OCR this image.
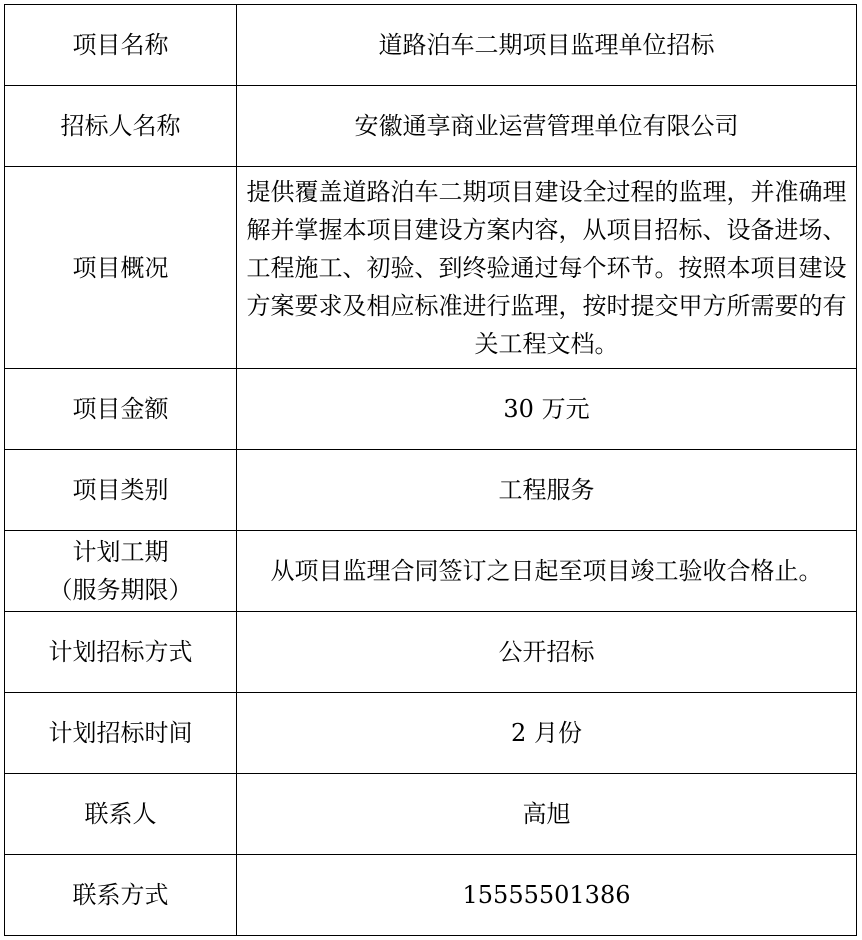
项目名称	道路泊车二期项目监理单位招标
招标人名称	安徽通享商业运营管理单位有限公司
项目概况	提供覆盖道路泊车二期项目建设全过程的监理，并准确理解并掌握本项目建设方案内容，从项目招标、设备进场、工程施工、初验、到终验通过每个环节。按照本项目建设方案要求及相应标准进行监理，按时提交甲方所需要的有关工程文档。
项目金额	30 万元
项目类别	工程服务

计划工期
（服务期限）	从项目监理合同签订之日起至项目竣工验收合格止。
计划招标方式	公开招标
计划招标时间	2 月份
联系人	高旭
联系方式	15555501386
